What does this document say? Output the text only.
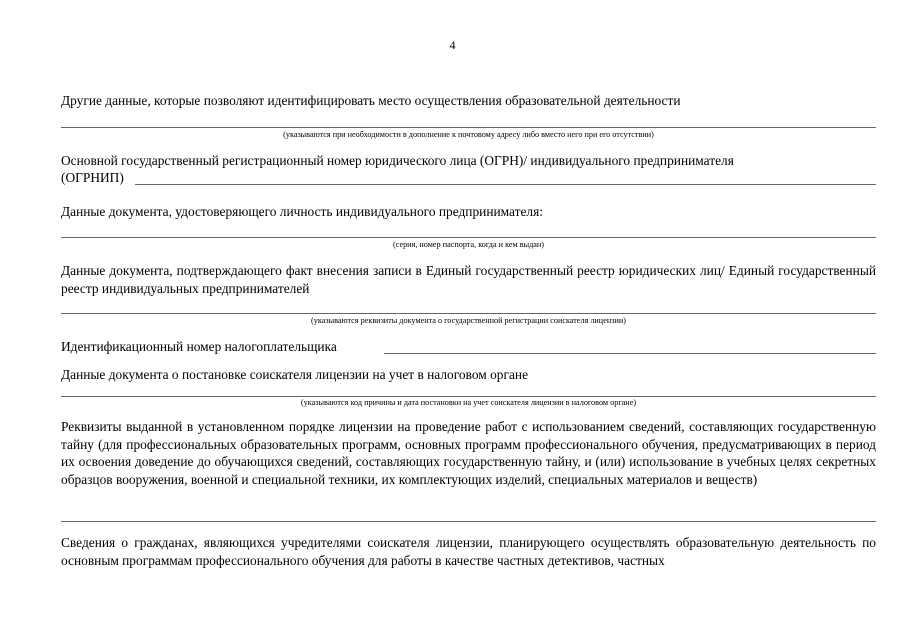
4
Другие данные, которые позволяют идентифицировать место осуществления образовательной деятельности
(указываются при необходимости в дополнение к почтовому адресу либо вместо него при его отсутствии)
Основной государственный регистрационный номер юридического лица (ОГРН)/ индивидуального предпринимателя
(ОГРНИП)
Данные документа, удостоверяющего личность индивидуального предпринимателя:
(серия, номер паспорта, когда и кем выдан)
Данные документа, подтверждающего факт внесения записи в Единый государственный реестр юридических лиц/ Единый государственный реестр индивидуальных предпринимателей
(указываются реквизиты документа о государственной регистрации соискателя лицензии)
Идентификационный номер налогоплательщика
Данные документа о постановке соискателя лицензии на учет в налоговом органе
(указываются код причины и дата постановки на учет соискателя лицензии в налоговом органе)
Реквизиты выданной в установленном порядке лицензии на проведение работ с использованием сведений, составляющих государственную тайну (для профессиональных образовательных программ, основных программ профессионального обучения, предусматривающих в период их освоения доведение до обучающихся сведений, составляющих государственную тайну, и (или) использование в учебных целях секретных образцов вооружения, военной и специальной техники, их комплектующих изделий, специальных материалов и веществ)
Сведения о гражданах, являющихся учредителями соискателя лицензии, планирующего осуществлять образовательную деятельность по основным программам профессионального обучения для работы в качестве частных детективов, частных
